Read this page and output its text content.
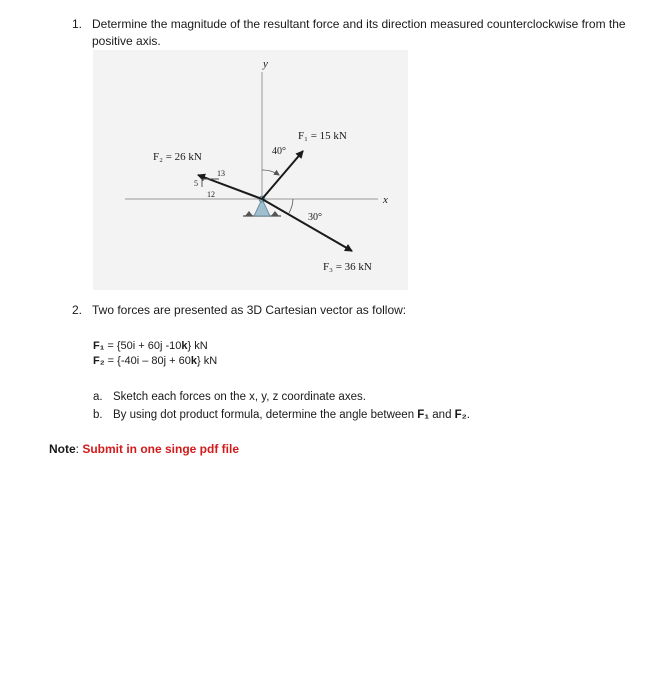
1. Determine the magnitude of the resultant force and its direction measured counterclockwise from the positive axis.
y
x
F₁ = 15 kN
F₂ = 26 kN
F₃ = 36 kN
40°
30°
13
5
12
2. Two forces are presented as 3D Cartesian vector as follow:
F₁ = {50i + 60j -10k} kN
F₂ = {-40i – 80j + 60k} kN
a. Sketch each forces on the x, y, z coordinate axes.
b. By using dot product formula, determine the angle between F₁ and F₂.
Note: Submit in one singe pdf file
